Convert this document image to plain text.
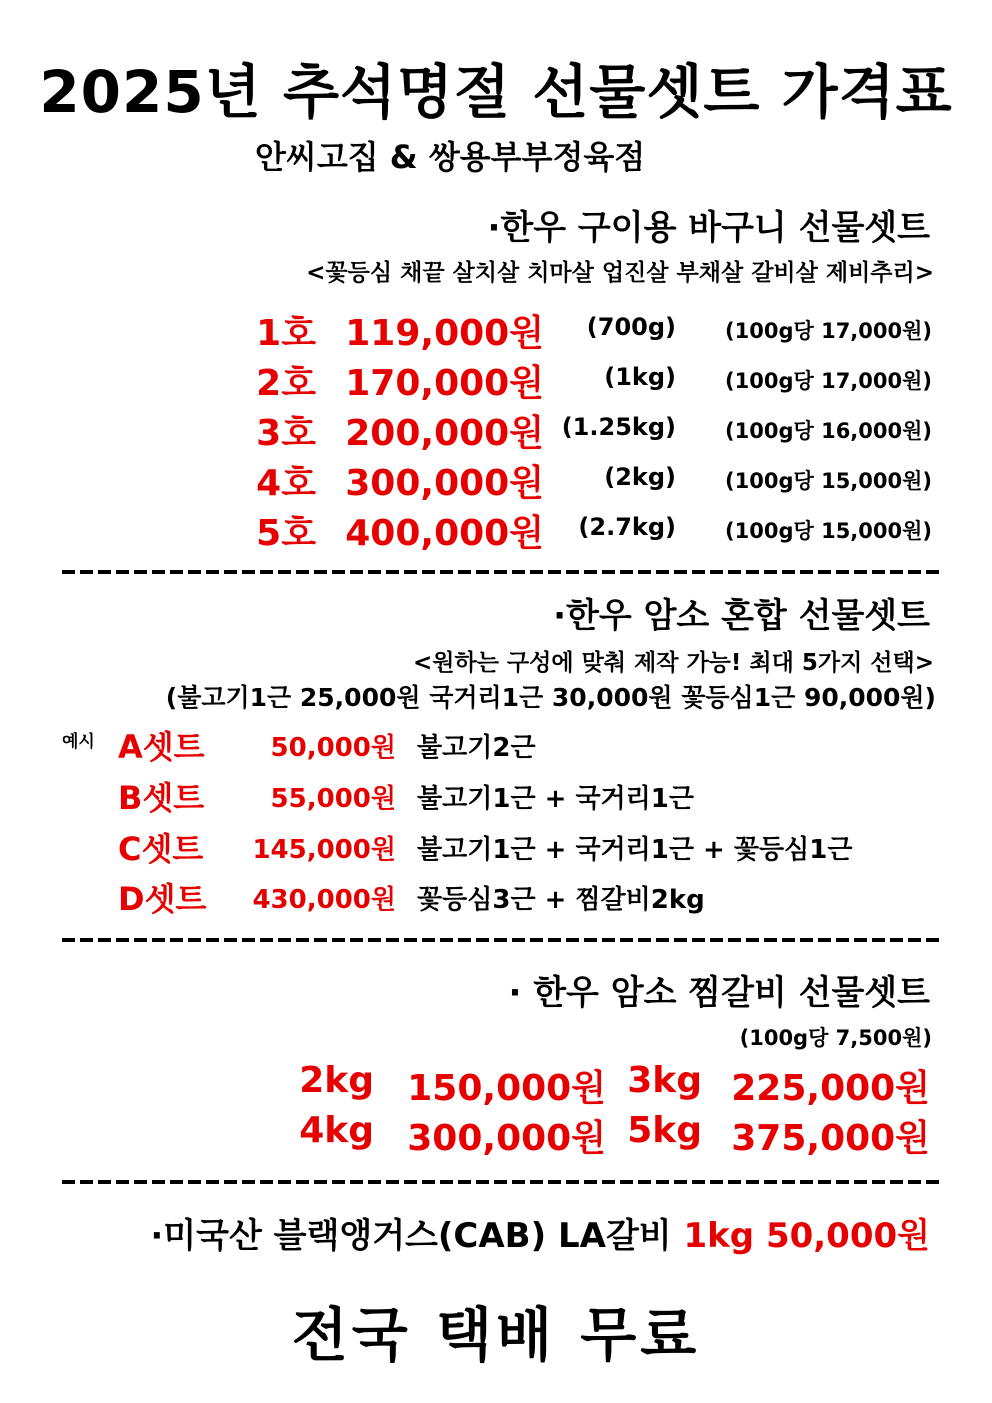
2025년 추석명절 선물셋트 가격표
안씨고집 & 쌍용부부정육점
·한우 구이용 바구니 선물셋트
<꽃등심 채끝 살치살 치마살 업진살 부채살 갈비살 제비추리>
1호 119,000원 (700g) (100g당 17,000원)
2호 170,000원	(1kg) (100g당 17,000원)
3호 200,000원 (1.25kg) (100g당 16,000원)
4호 300,000원	(2kg) (100g당 15,000원)
5호 400,000원 (2.7kg) (100g당 15,000원)
·한우 암소 혼합 선물셋트
<원하는 구성에 맞춰 제작 가능! 최대 5가지 선택>
(불고기1근 25,000원 국거리1근 30,000원 꽃등심1근 90,000원)
예시 A셋트	50,000원 불고기2근
B셋트	55,000원 불고기1근 + 국거리1근
C셋트 145,000원 불고기1근 + 국거리1근 + 꽃등심1근
D셋트 430,000원 꽃등심3근 + 찜갈비2kg
· 한우 암소 찜갈비 선물셋트
(100g당 7,500원)
2kg 150,000원 3kg 225,000원
4kg 300,000원 5kg 375,000원
·미국산 블랙앵거스(CAB) LA갈비 1kg 50,000원
전국 택배 무료
